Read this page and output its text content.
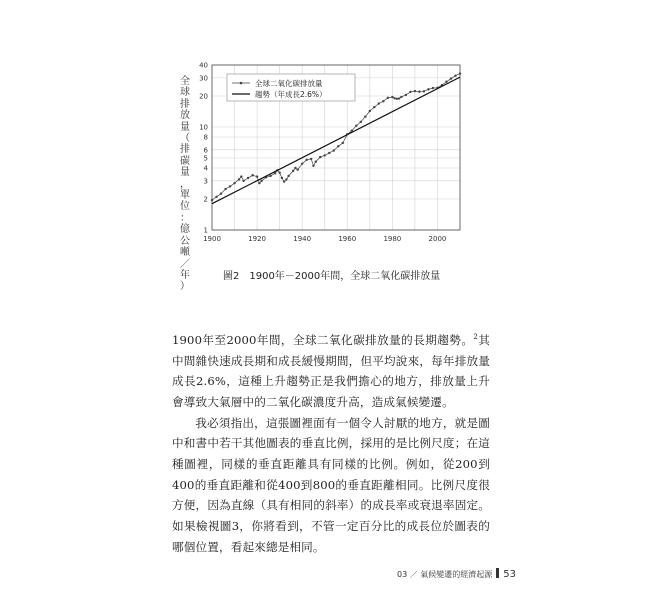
1
2
3
4
5
6
8
10
20
30
40
1900	1920	1940	1960	1980	2000
全球二氧化碳排放量
趨勢（年成長2.6%）
全
球
排
放
量
（
排
碳
量
，
單
位
：
億
公
噸
／
年
）
圖2　1900年－2000年間，全球二氧化碳排放量

1900年至2000年間，全球二氧化碳排放量的長期趨勢。$^2$其中間雜快速成長期和成長緩慢期間，但平均說來，每年排放量成長2.6%，這種上升趨勢正是我們擔心的地方，排放量上升會導致大氣層中的二氧化碳濃度升高，造成氣候變遷。

我必須指出，這張圖裡面有一個令人討厭的地方，就是圖中和書中若干其他圖表的垂直比例，採用的是比例尺度；在這種圖裡，同樣的垂直距離具有同樣的比例。例如，從200到400的垂直距離和從400到800的垂直距離相同。比例尺度很方便，因為直線（具有相同的斜率）的成長率或衰退率固定。如果檢視圖3，你將看到，不管一定百分比的成長位於圖表的哪個位置，看起來總是相同。

03 ／ 氣候變遷的經濟起源 53
